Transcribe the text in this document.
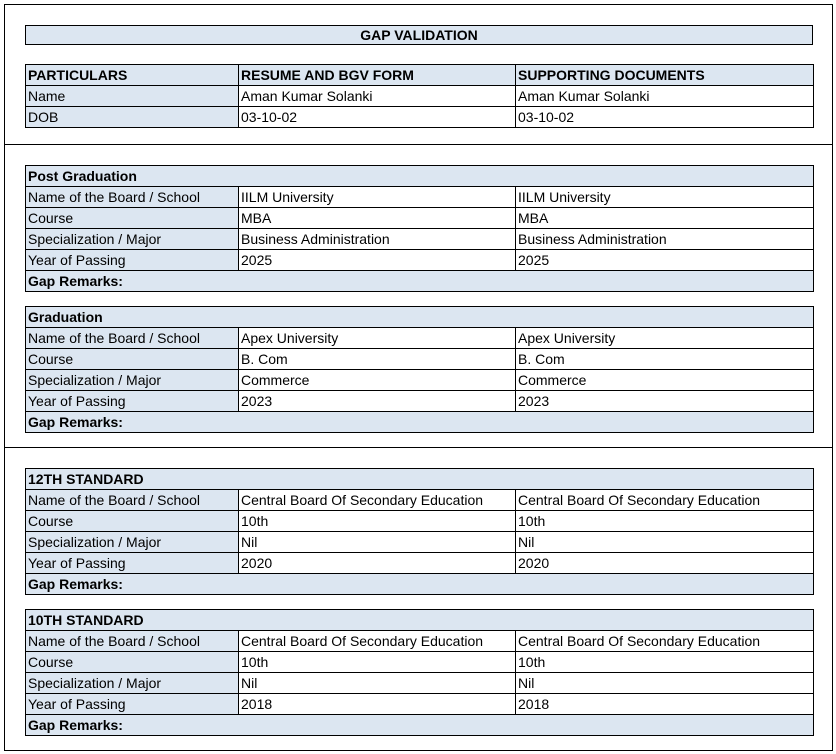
GAP VALIDATION
PARTICULARS	RESUME AND BGV FORM	SUPPORTING DOCUMENTS
Name	Aman Kumar Solanki	Aman Kumar Solanki
DOB	03-10-02	03-10-02
Post Graduation		
Name of the Board / School	IILM University	IILM University
Course	MBA	MBA
Specialization / Major	Business Administration	Business Administration
Year of Passing	2025	2025
Gap Remarks:		
Graduation		
Name of the Board / School	Apex University	Apex University
Course	B. Com	B. Com
Specialization / Major	Commerce	Commerce
Year of Passing	2023	2023
Gap Remarks:		
12TH STANDARD		
Name of the Board / School	Central Board Of Secondary Education	Central Board Of Secondary Education
Course	10th	10th
Specialization / Major	Nil	Nil
Year of Passing	2020	2020
Gap Remarks:		
10TH STANDARD		
Name of the Board / School	Central Board Of Secondary Education	Central Board Of Secondary Education
Course	10th	10th
Specialization / Major	Nil	Nil
Year of Passing	2018	2018
Gap Remarks:		
